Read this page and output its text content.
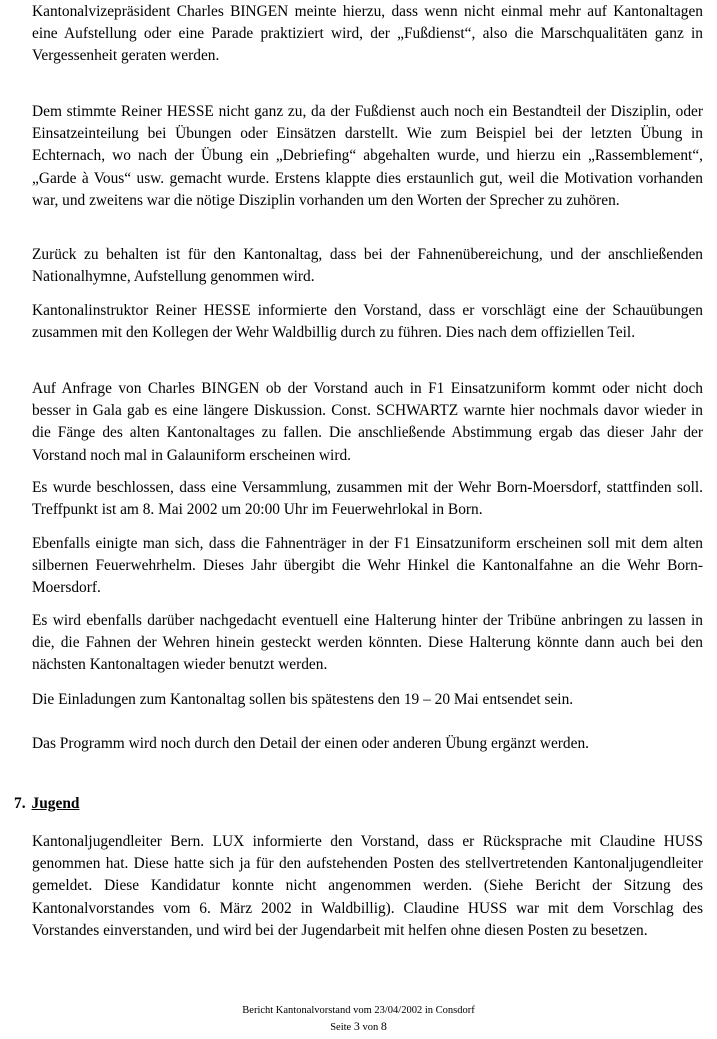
Kantonalvizepräsident Charles BINGEN meinte hierzu, dass wenn nicht einmal mehr auf Kantonaltagen eine Aufstellung oder eine Parade praktiziert wird, der „Fußdienst“, also die Marschqualitäten ganz in Vergessenheit geraten werden.

Dem stimmte Reiner HESSE nicht ganz zu, da der Fußdienst auch noch ein Bestandteil der Disziplin, oder Einsatzeinteilung bei Übungen oder Einsätzen darstellt. Wie zum Beispiel bei der letzten Übung in Echternach, wo nach der Übung ein „Debriefing“ abgehalten wurde, und hierzu ein „Rassemblement“, „Garde à Vous“ usw. gemacht wurde. Erstens klappte dies erstaunlich gut, weil die Motivation vorhanden war, und zweitens war die nötige Disziplin vorhanden um den Worten der Sprecher zu zuhören.

Zurück zu behalten ist für den Kantonaltag, dass bei der Fahnenübereichung, und der anschließenden Nationalhymne, Aufstellung genommen wird.

Kantonalinstruktor Reiner HESSE informierte den Vorstand, dass er vorschlägt eine der Schauübungen zusammen mit den Kollegen der Wehr Waldbillig durch zu führen. Dies nach dem offiziellen Teil.

Auf Anfrage von Charles BINGEN ob der Vorstand auch in F1 Einsatzuniform kommt oder nicht doch besser in Gala gab es eine längere Diskussion. Const. SCHWARTZ warnte hier nochmals davor wieder in die Fänge des alten Kantonaltages zu fallen. Die anschließende Abstimmung ergab das dieser Jahr der Vorstand noch mal in Galauniform erscheinen wird.

Es wurde beschlossen, dass eine Versammlung, zusammen mit der Wehr Born-Moersdorf, stattfinden soll. Treffpunkt ist am 8. Mai 2002 um 20:00 Uhr im Feuerwehrlokal in Born.

Ebenfalls einigte man sich, dass die Fahnenträger in der F1 Einsatzuniform erscheinen soll mit dem alten silbernen Feuerwehrhelm. Dieses Jahr übergibt die Wehr Hinkel die Kantonalfahne an die Wehr Born-Moersdorf.

Es wird ebenfalls darüber nachgedacht eventuell eine Halterung hinter der Tribüne anbringen zu lassen in die, die Fahnen der Wehren hinein gesteckt werden könnten. Diese Halterung könnte dann auch bei den nächsten Kantonaltagen wieder benutzt werden.

Die Einladungen zum Kantonaltag sollen bis spätestens den 19 – 20 Mai entsendet sein.

Das Programm wird noch durch den Detail der einen oder anderen Übung ergänzt werden.

7. Jugend

Kantonaljugendleiter Bern. LUX informierte den Vorstand, dass er Rücksprache mit Claudine HUSS genommen hat. Diese hatte sich ja für den aufstehenden Posten des stellvertretenden Kantonaljugendleiter gemeldet. Diese Kandidatur konnte nicht angenommen werden. (Siehe Bericht der Sitzung des Kantonalvorstandes vom 6. März 2002 in Waldbillig). Claudine HUSS war mit dem Vorschlag des Vorstandes einverstanden, und wird bei der Jugendarbeit mit helfen ohne diesen Posten zu besetzen.

Bericht Kantonalvorstand vom 23/04/2002 in Consdorf
Seite 3 von 8
